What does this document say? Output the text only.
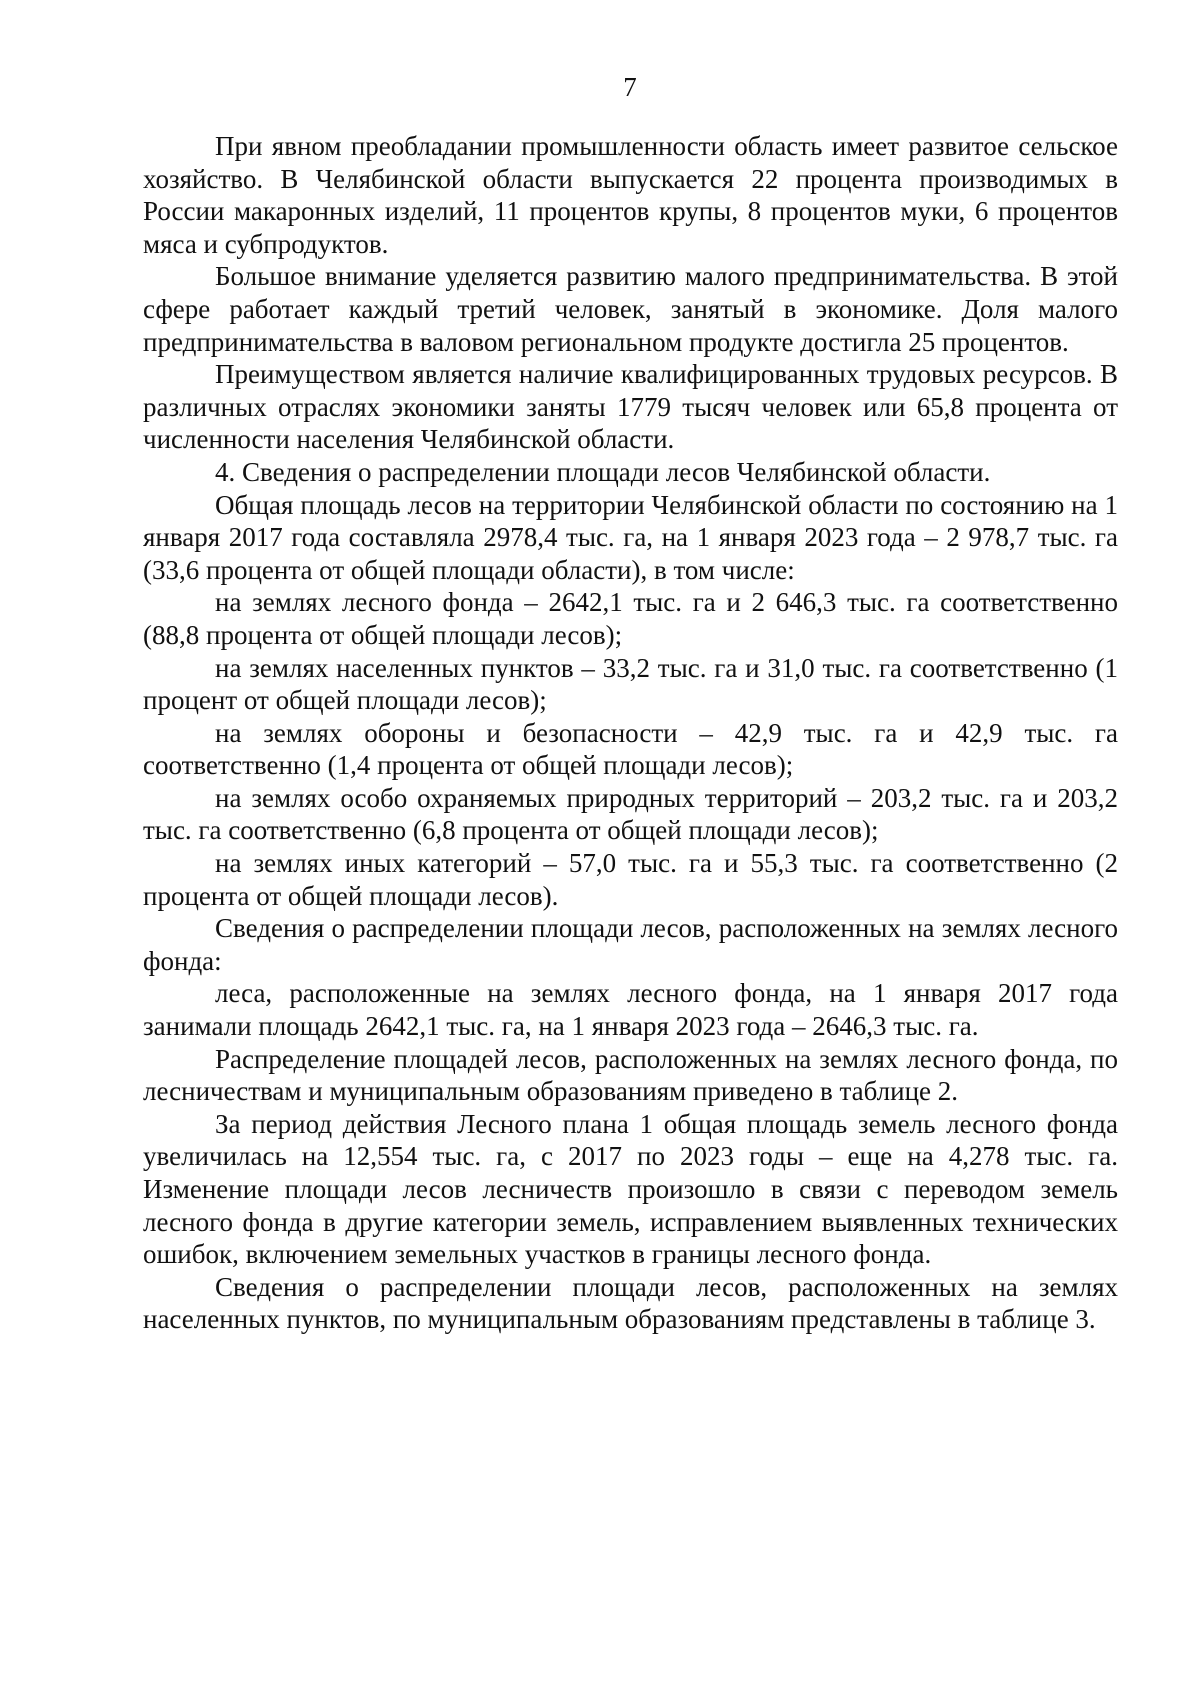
7

При явном преобладании промышленности область имеет развитое сельское хозяйство. В Челябинской области выпускается 22 процента производимых в России макаронных изделий, 11 процентов крупы, 8 процентов муки, 6 процентов мяса и субпродуктов.

Большое внимание уделяется развитию малого предпринимательства. В этой сфере работает каждый третий человек, занятый в экономике. Доля малого предпринимательства в валовом региональном продукте достигла 25 процентов.

Преимуществом является наличие квалифицированных трудовых ресурсов. В различных отраслях экономики заняты 1779 тысяч человек или 65,8 процента от численности населения Челябинской области.

4. Сведения о распределении площади лесов Челябинской области.

Общая площадь лесов на территории Челябинской области по состоянию на 1 января 2017 года составляла 2978,4 тыс. га, на 1 января 2023 года – 2 978,7 тыс. га (33,6 процента от общей площади области), в том числе:

на землях лесного фонда – 2642,1 тыс. га и 2 646,3 тыс. га соответственно (88,8 процента от общей площади лесов);

на землях населенных пунктов – 33,2 тыс. га и 31,0 тыс. га соответственно (1 процент от общей площади лесов);

на землях обороны и безопасности – 42,9 тыс. га и 42,9 тыс. га соответственно (1,4 процента от общей площади лесов);

на землях особо охраняемых природных территорий – 203,2 тыс. га и 203,2 тыс. га соответственно (6,8 процента от общей площади лесов);

на землях иных категорий – 57,0 тыс. га и 55,3 тыс. га соответственно (2 процента от общей площади лесов).

Сведения о распределении площади лесов, расположенных на землях лесного фонда:

леса, расположенные на землях лесного фонда, на 1 января 2017 года занимали площадь 2642,1 тыс. га, на 1 января 2023 года – 2646,3 тыс. га.

Распределение площадей лесов, расположенных на землях лесного фонда, по лесничествам и муниципальным образованиям приведено в таблице 2.

За период действия Лесного плана 1 общая площадь земель лесного фонда увеличилась на 12,554 тыс. га, с 2017 по 2023 годы – еще на 4,278 тыс. га. Изменение площади лесов лесничеств произошло в связи с переводом земель лесного фонда в другие категории земель, исправлением выявленных технических ошибок, включением земельных участков в границы лесного фонда.

Сведения о распределении площади лесов, расположенных на землях населенных пунктов, по муниципальным образованиям представлены в таблице 3.
